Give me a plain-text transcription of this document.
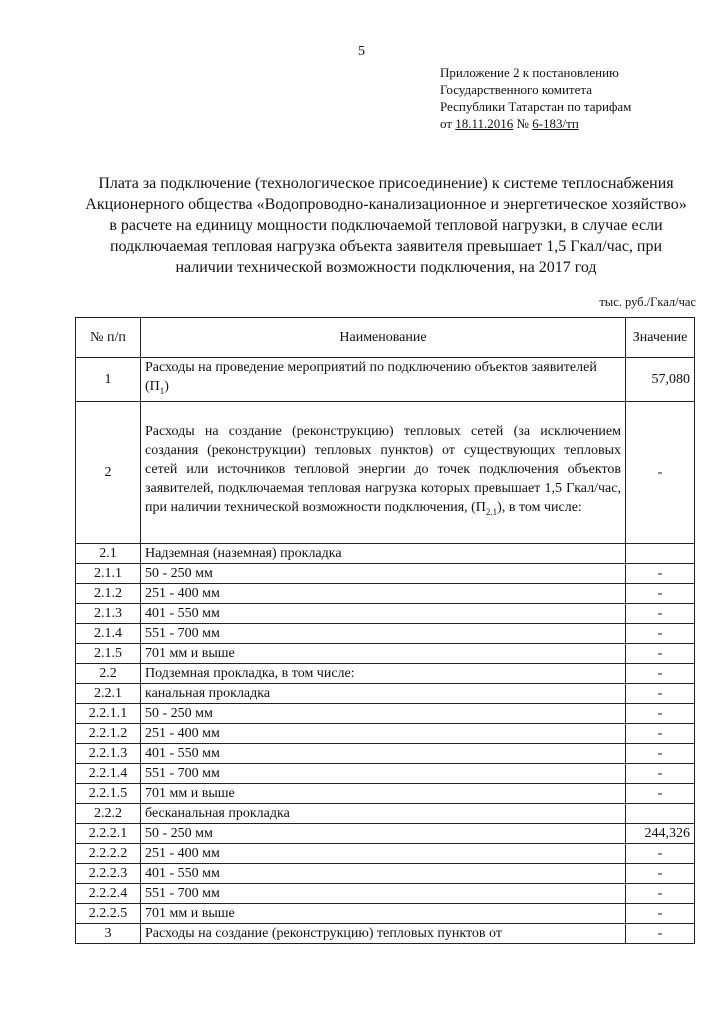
5
Приложение 2 к постановлению
Государственного комитета
Республики Татарстан по тарифам
от 18.11.2016 № 6-183/тп
Плата за подключение (технологическое присоединение) к системе теплоснабжения Акционерного общества «Водопроводно-канализационное и энергетическое хозяйство» в расчете на единицу мощности подключаемой тепловой нагрузки, в случае если подключаемая тепловая нагрузка объекта заявителя превышает 1,5 Гкал/час, при наличии технической возможности подключения, на 2017 год
тыс. руб./Гкал/час
№ п/п	Наименование	Значение
1	Расходы на проведение мероприятий по подключению объектов заявителей $(П_1)$	57,080
2	Расходы на создание (реконструкцию) тепловых сетей (за исключением создания (реконструкции) тепловых пунктов) от существующих тепловых сетей или источников тепловой энергии до точек подключения объектов заявителей, подключаемая тепловая нагрузка которых превышает 1,5 Гкал/час, при наличии технической возможности подключения, $(П_{2.1})$, в том числе:	-
2.1	Надземная (наземная) прокладка	
2.1.1	50 - 250 мм	-
2.1.2	251 - 400 мм	-
2.1.3	401 - 550 мм	-
2.1.4	551 - 700 мм	-
2.1.5	701 мм и выше	-
2.2	Подземная прокладка, в том числе:	-
2.2.1	канальная прокладка	-
2.2.1.1	50 - 250 мм	-
2.2.1.2	251 - 400 мм	-
2.2.1.3	401 - 550 мм	-
2.2.1.4	551 - 700 мм	-
2.2.1.5	701 мм и выше	-
2.2.2	бесканальная прокладка	
2.2.2.1	50 - 250 мм	244,326
2.2.2.2	251 - 400 мм	-
2.2.2.3	401 - 550 мм	-
2.2.2.4	551 - 700 мм	-
2.2.2.5	701 мм и выше	-
3	Расходы на создание (реконструкцию) тепловых пунктов от	-
